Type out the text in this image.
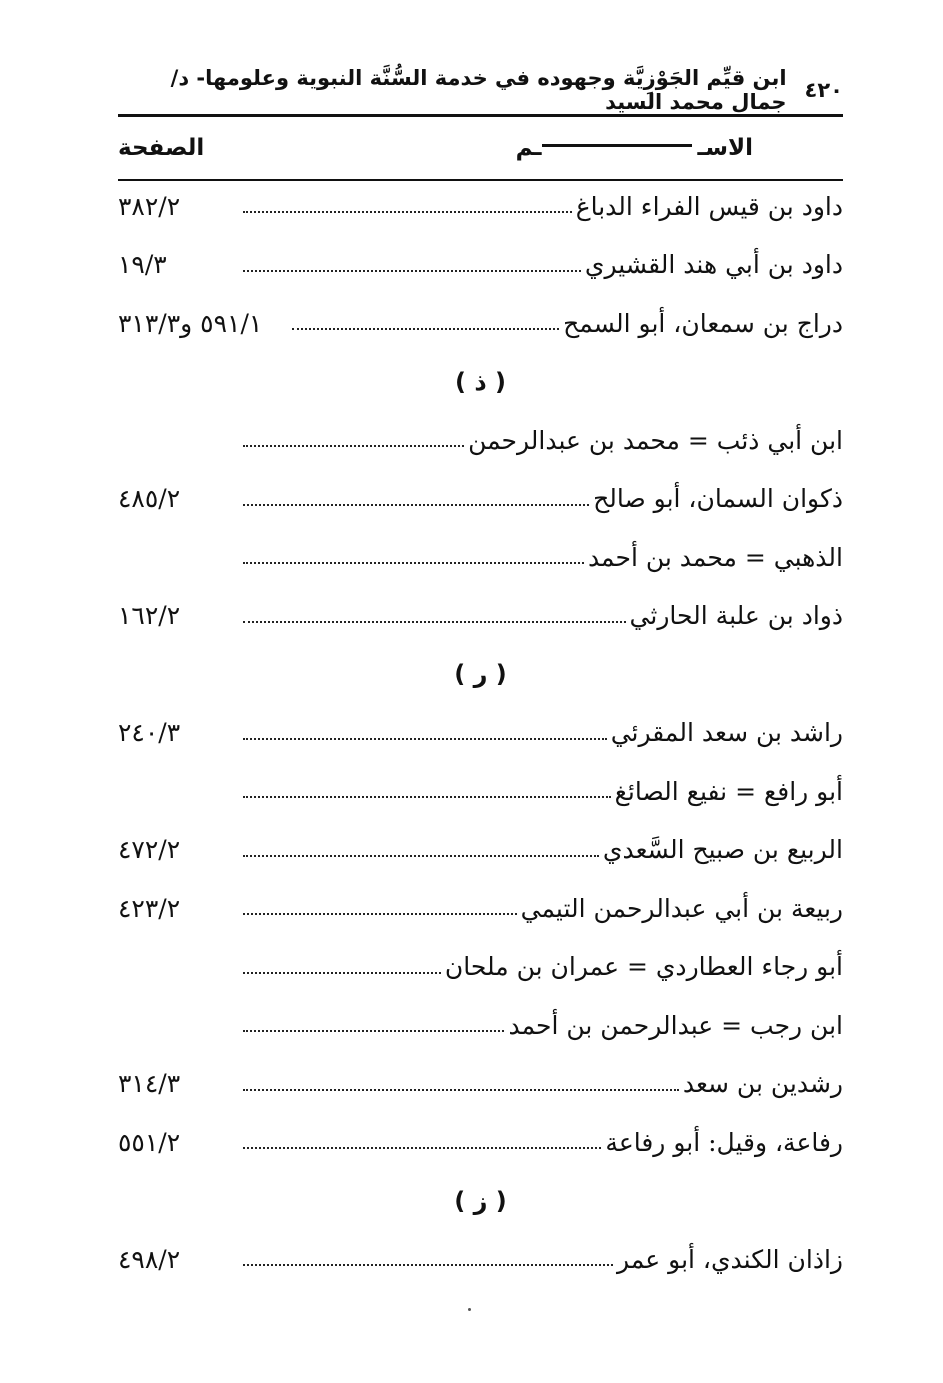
٤٢٠
ابن قيِّم الجَوْزِيَّة وجهوده في خدمة السُّنَّة النبوية وعلومها- د/جمال محمد السيد
الاسـ
ـم
الصفحة
داود بن قيس الفراء الدباغ
٣٨٢/٢
داود بن أبي هند القشيري
١٩/٣
دراج بن سمعان، أبو السمح
٥٩١/١ و٣١٣/٣
( ذ )
ابن أبي ذئب = محمد بن عبدالرحمن
ذكوان السمان، أبو صالح
٤٨٥/٢
الذهبي = محمد بن أحمد
ذواد بن علبة الحارثي
١٦٢/٢
( ر )
راشد بن سعد المقرئي
٢٤٠/٣
أبو رافع = نفيع الصائغ
الربيع بن صبيح السَّعدي
٤٧٢/٢
ربيعة بن أبي عبدالرحمن التيمي
٤٢٣/٢
أبو رجاء العطاردي = عمران بن ملحان
ابن رجب = عبدالرحمن بن أحمد
رشدين بن سعد
٣١٤/٣
رفاعة، وقيل: أبو رفاعة
٥٥١/٢
( ز )
زاذان الكندي، أبو عمر
٤٩٨/٢
